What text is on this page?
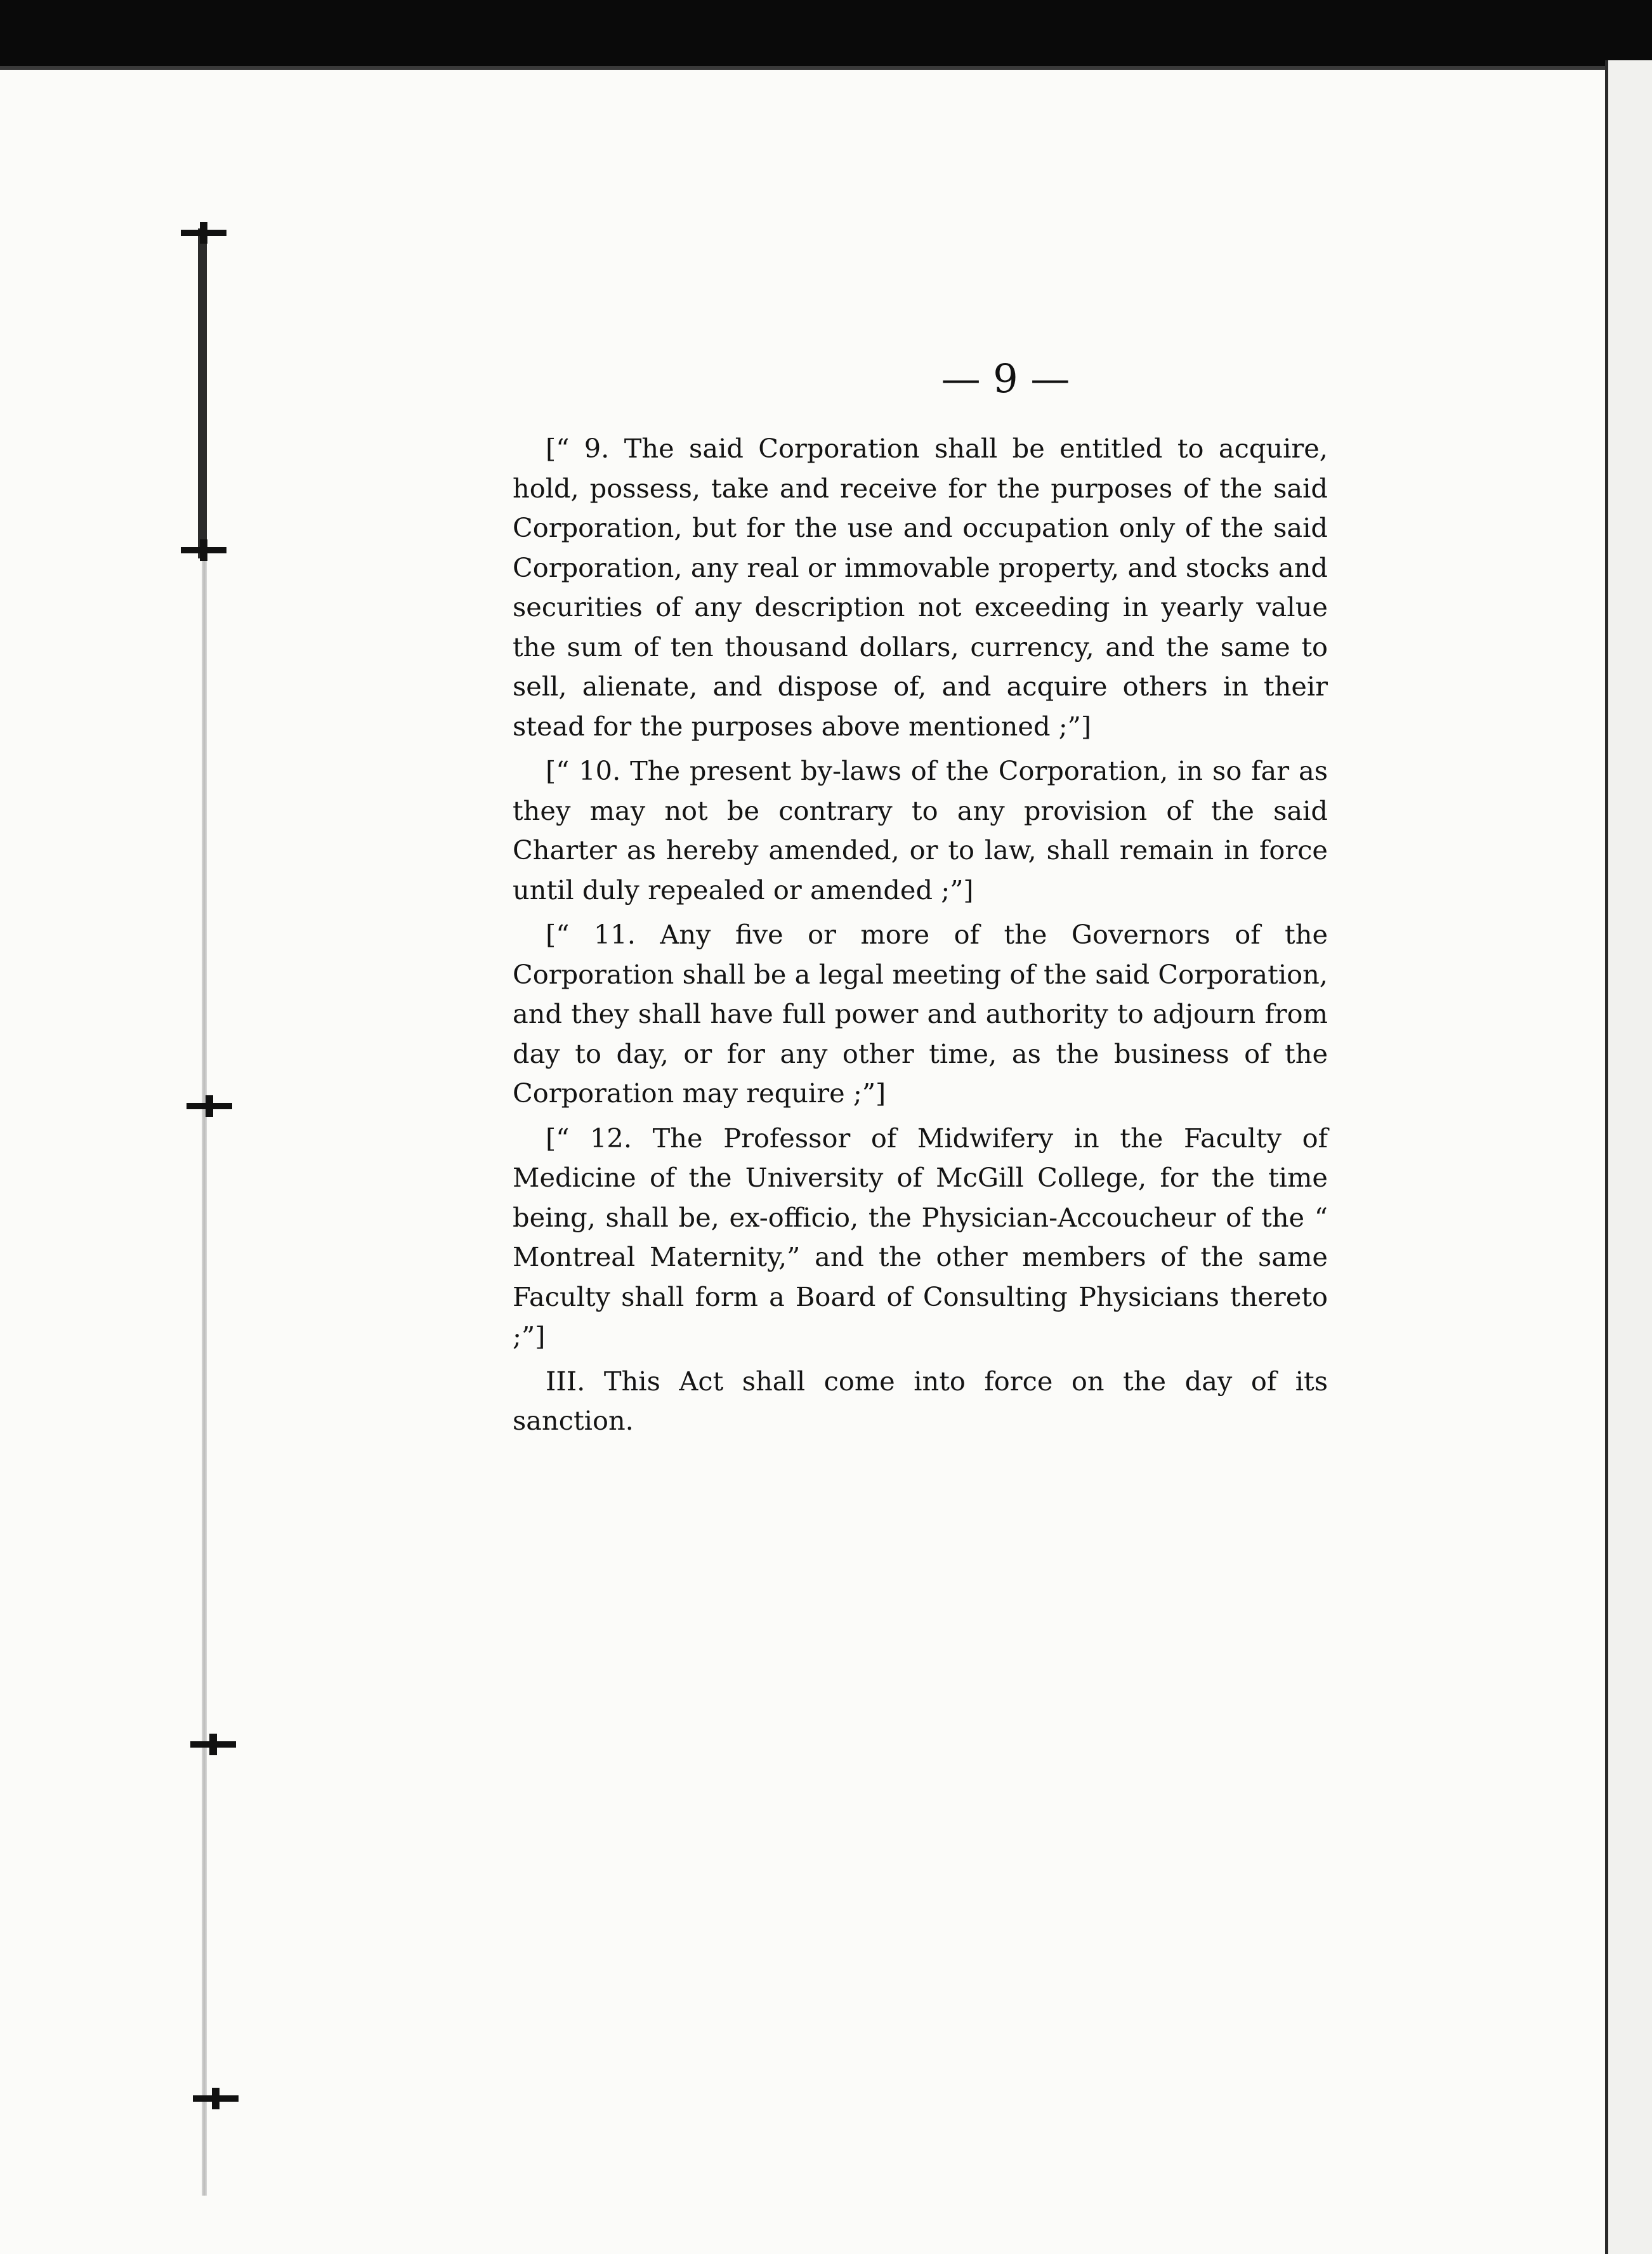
— 9 —

[“ 9. The said Corporation shall be entitled to acquire, hold, possess, take and receive for the purposes of the said Corporation, but for the use and occupation only of the said Corporation, any real or immovable property, and stocks and securities of any description not exceeding in yearly value the sum of ten thousand dollars, currency, and the same to sell, alienate, and dispose of, and acquire others in their stead for the purposes above mentioned ;”]

[“ 10. The present by-laws of the Corporation, in so far as they may not be contrary to any provision of the said Charter as hereby amended, or to law, shall remain in force until duly repealed or amended ;”]

[“ 11. Any five or more of the Governors of the Corporation shall be a legal meeting of the said Corporation, and they shall have full power and authority to adjourn from day to day, or for any other time, as the business of the Corporation may require ;”]

[“ 12. The Professor of Midwifery in the Faculty of Medicine of the University of McGill College, for the time being, shall be, ex-officio, the Physician-Accoucheur of the “ Montreal Maternity,” and the other members of the same Faculty shall form a Board of Consulting Physicians thereto ;”]

III. This Act shall come into force on the day of its sanction.
